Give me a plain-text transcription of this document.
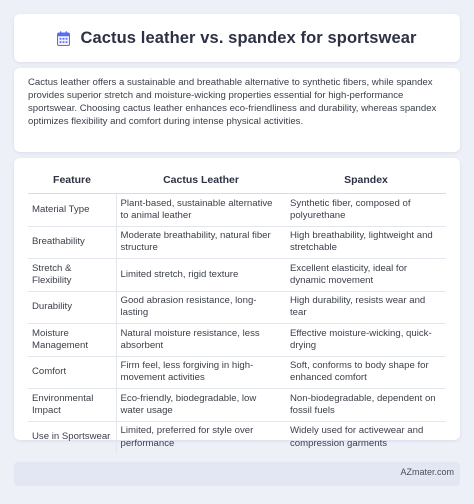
Cactus leather vs. spandex for sportswear

Cactus leather offers a sustainable and breathable alternative to synthetic fibers, while spandex provides superior stretch and moisture-wicking properties essential for high-performance sportswear. Choosing cactus leather enhances eco-friendliness and durability, whereas spandex optimizes flexibility and comfort during intense physical activities.

Feature	Cactus Leather	Spandex
Material Type	Plant-based, sustainable alternative to animal leather	Synthetic fiber, composed of polyurethane
Breathability	Moderate breathability, natural fiber structure	High breathability, lightweight and stretchable
Stretch & Flexibility	Limited stretch, rigid texture	Excellent elasticity, ideal for dynamic movement
Durability	Good abrasion resistance, long-lasting	High durability, resists wear and tear
Moisture Management	Natural moisture resistance, less absorbent	Effective moisture-wicking, quick-drying
Comfort	Firm feel, less forgiving in high-movement activities	Soft, conforms to body shape for enhanced comfort
Environmental Impact	Eco-friendly, biodegradable, low water usage	Non-biodegradable, dependent on fossil fuels
Use in Sportswear	Limited, preferred for style over performance	Widely used for activewear and compression garments
AZmater.com
